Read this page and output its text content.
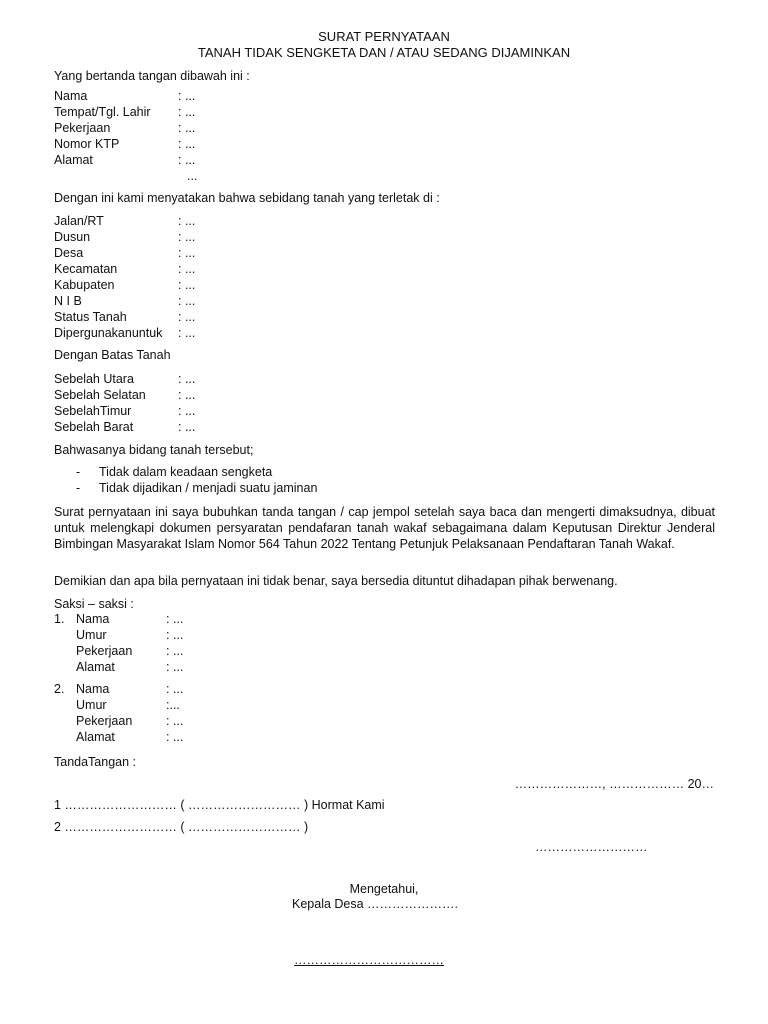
SURAT PERNYATAAN
TANAH TIDAK SENGKETA DAN / ATAU SEDANG DIJAMINKAN
Yang bertanda tangan dibawah ini :
Nama	: ...
Tempat/Tgl. Lahir : ...
Pekerjaan	: ...
Nomor KTP	: ...
Alamat	: ...
...
Dengan ini kami menyatakan bahwa sebidang tanah yang terletak di :
Jalan/RT	: ...
Dusun	: ...
Desa	: ...
Kecamatan	: ...
Kabupaten	: ...
N I B	: ...
Status Tanah	: ...
Dipergunakanuntuk : ...
Dengan Batas Tanah
Sebelah Utara	: ...
Sebelah Selatan	: ...
SebelahTimur	: ...
Sebelah Barat	: ...
Bahwasanya bidang tanah tersebut;
- Tidak dalam keadaan sengketa
- Tidak dijadikan / menjadi suatu jaminan
Surat pernyataan ini saya bubuhkan tanda tangan / cap jempol setelah saya baca dan mengerti dimaksudnya, dibuat untuk melengkapi dokumen persyaratan pendafaran tanah wakaf sebagaimana dalam Keputusan Direktur Jenderal Bimbingan Masyarakat Islam Nomor 564 Tahun 2022 Tentang Petunjuk Pelaksanaan Pendaftaran Tanah Wakaf.
Demikian dan apa bila pernyataan ini tidak benar, saya bersedia dituntut dihadapan pihak berwenang.
Saksi – saksi :
1. Nama	: ...
Umur	: ...
Pekerjaan	: ...
Alamat	: ...
2. Nama	: ...
Umur	:...
Pekerjaan	: ...
Alamat	: ...
TandaTangan :
…………………, ……………… 20…
1 ……………………… ( ……………………… ) Hormat Kami
2 ……………………… ( ……………………… )
………………………
Mengetahui,
Kepala Desa ………………….
………………………………
